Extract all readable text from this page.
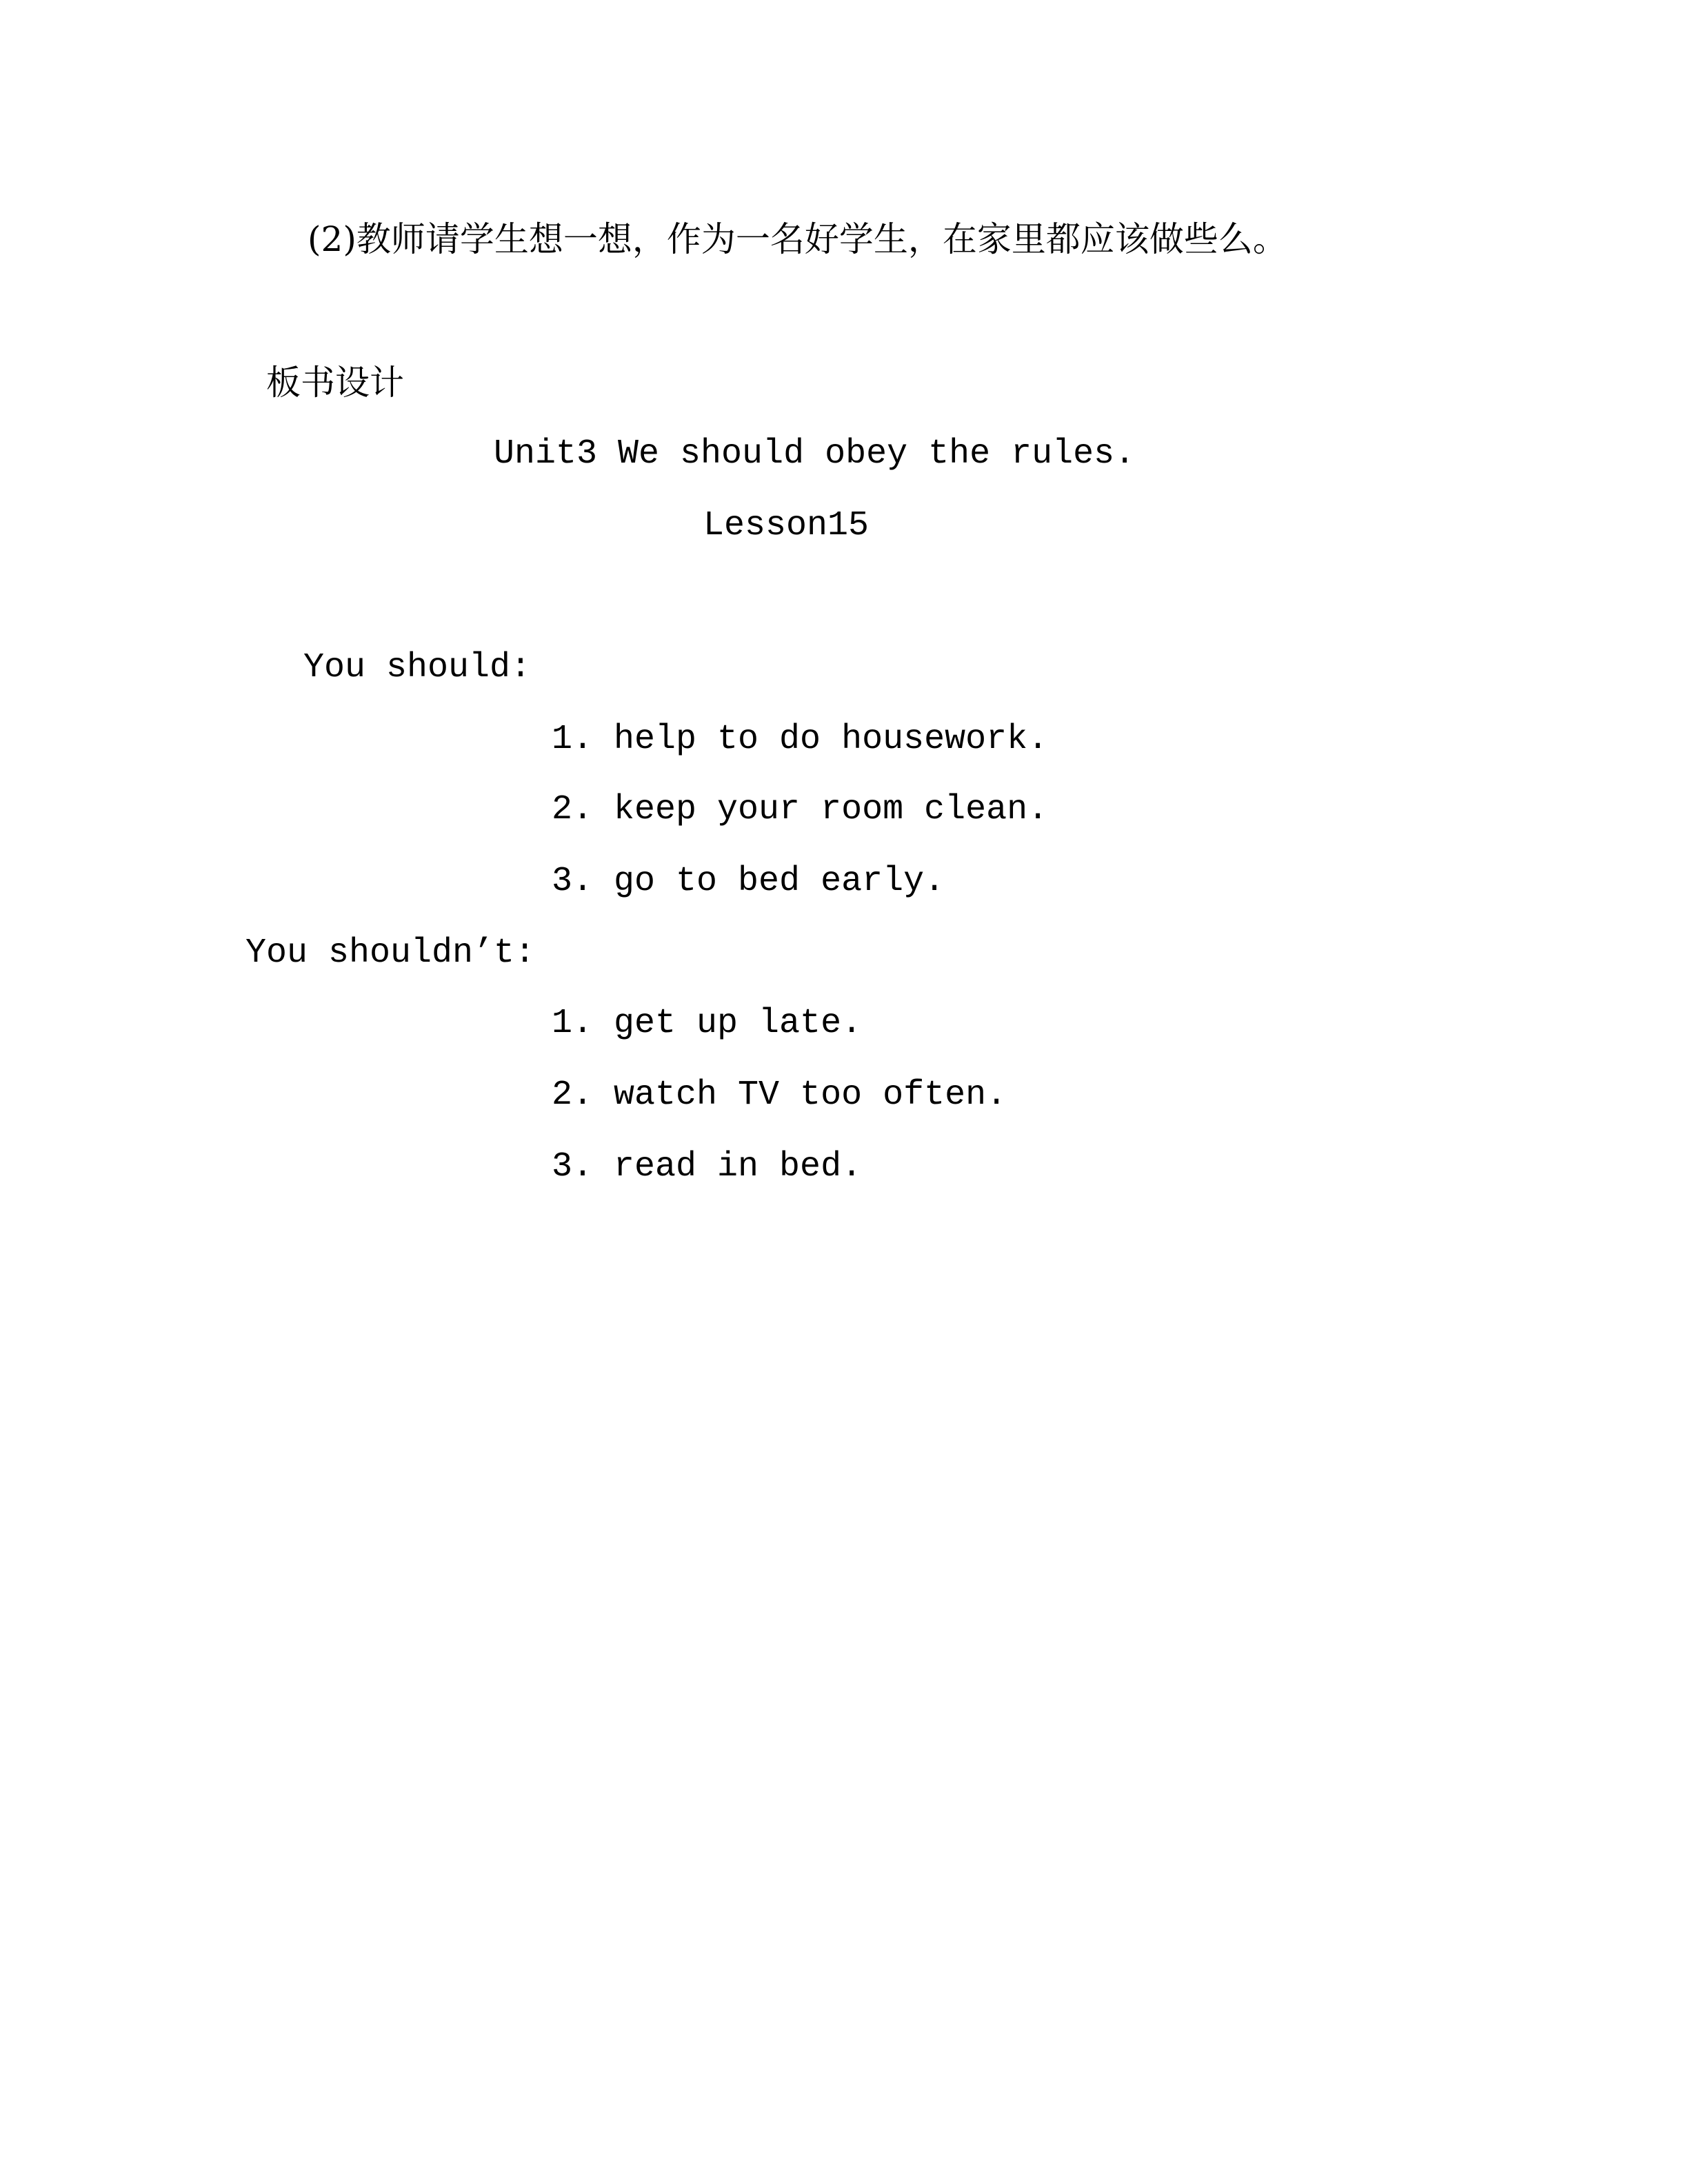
(2)教师请学生想一想，作为一名好学生，在家里都应该做些么。
板书设计
Unit3 We should obey the rules.
Lesson15
You should:
1. help to do housework.
2. keep your room clean.
3. go to bed early.
You shouldn’t:
1. get up late.
2. watch TV too often.
3. read in bed.
